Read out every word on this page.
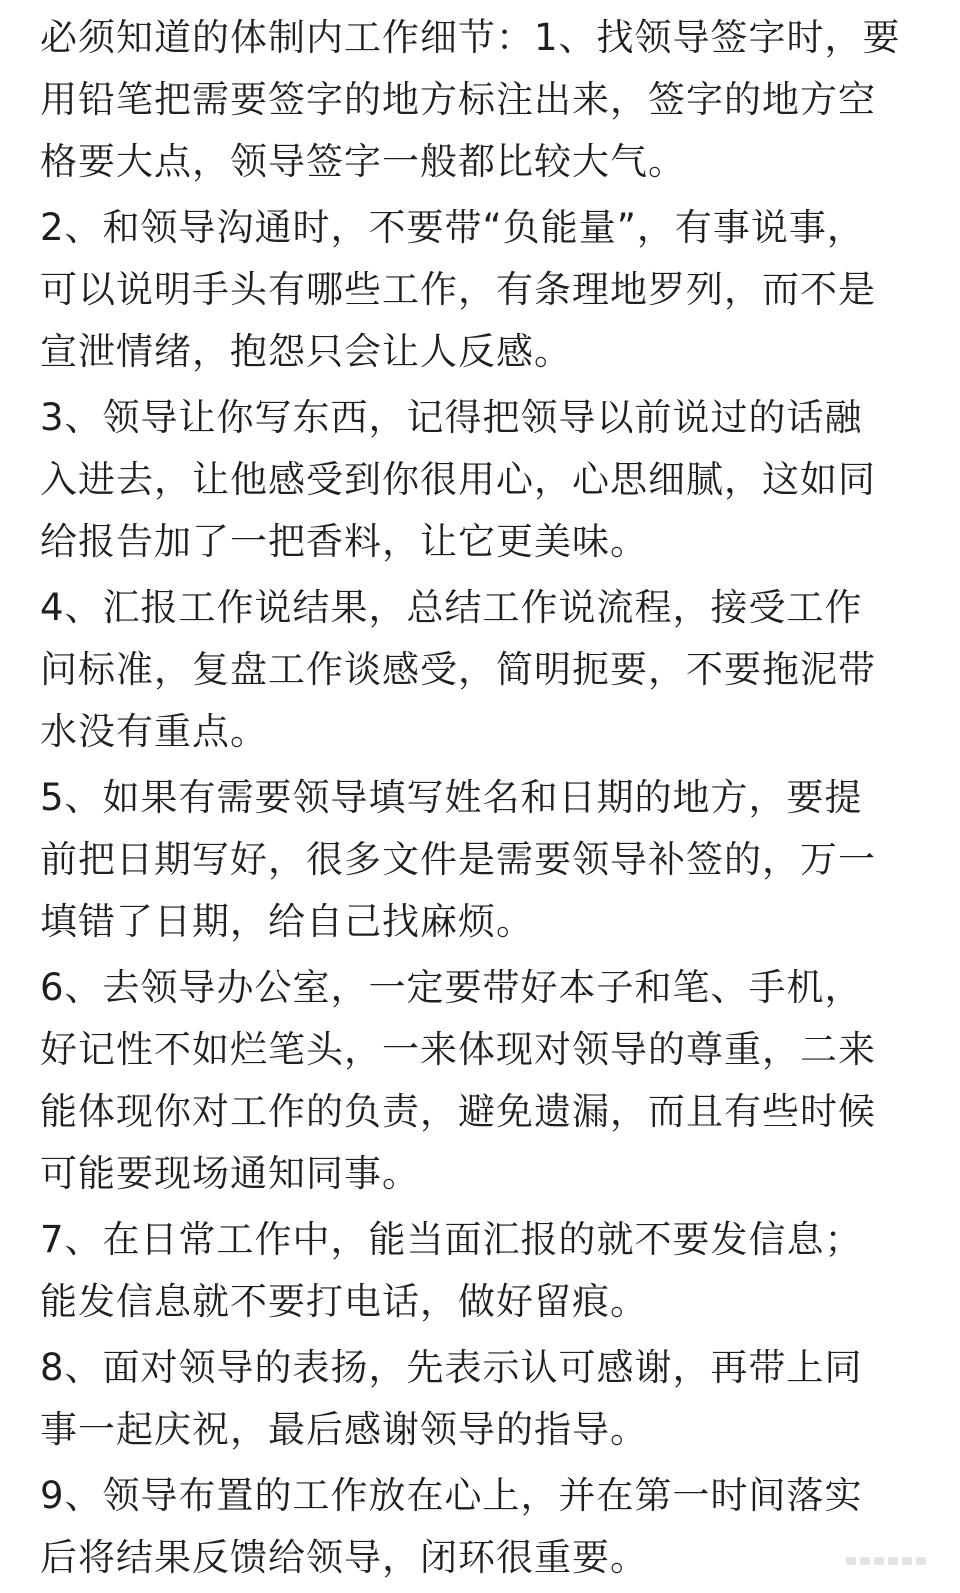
必须知道的体制内工作细节：1、找领导签字时，要
用铅笔把需要签字的地方标注出来，签字的地方空
格要大点，领导签字一般都比较大气。
2、和领导沟通时，不要带“负能量”，有事说事，
可以说明手头有哪些工作，有条理地罗列，而不是
宣泄情绪，抱怨只会让人反感。
3、领导让你写东西，记得把领导以前说过的话融
入进去，让他感受到你很用心，心思细腻，这如同
给报告加了一把香料，让它更美味。
4、汇报工作说结果，总结工作说流程，接受工作
问标准，复盘工作谈感受，简明扼要，不要拖泥带
水没有重点。
5、如果有需要领导填写姓名和日期的地方，要提
前把日期写好，很多文件是需要领导补签的，万一
填错了日期，给自己找麻烦。
6、去领导办公室，一定要带好本子和笔、手机，
好记性不如烂笔头，一来体现对领导的尊重，二来
能体现你对工作的负责，避免遗漏，而且有些时候
可能要现场通知同事。
7、在日常工作中，能当面汇报的就不要发信息；
能发信息就不要打电话，做好留痕。
8、面对领导的表扬，先表示认可感谢，再带上同
事一起庆祝，最后感谢领导的指导。
9、领导布置的工作放在心上，并在第一时间落实
后将结果反馈给领导，闭环很重要。
